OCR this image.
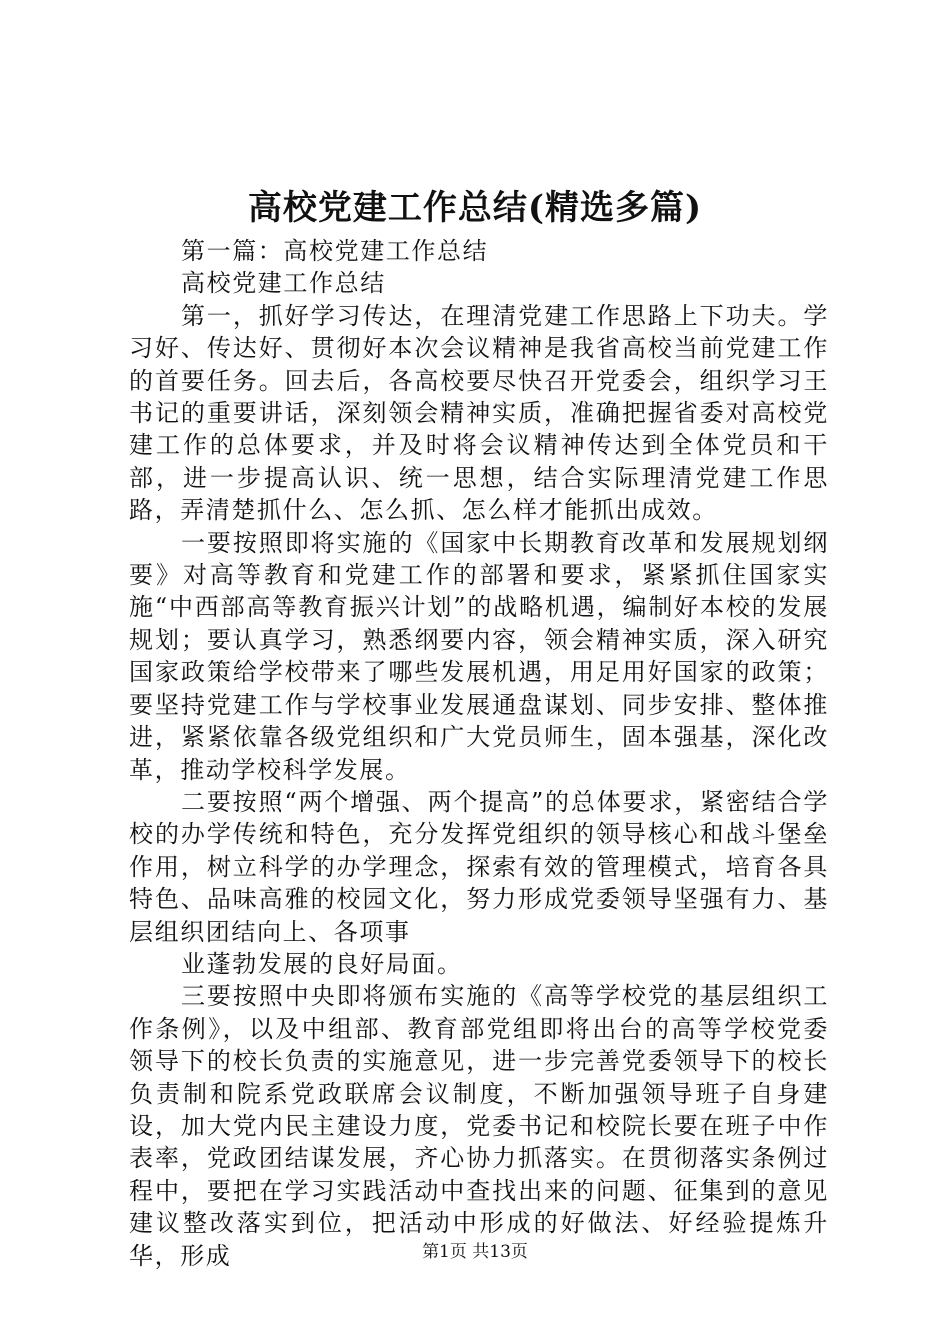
高校党建工作总结(精选多篇)

第一篇：高校党建工作总结

高校党建工作总结

第一，抓好学习传达，在理清党建工作思路上下功夫。学习好、传达好、贯彻好本次会议精神是我省高校当前党建工作的首要任务。回去后，各高校要尽快召开党委会，组织学习王书记的重要讲话，深刻领会精神实质，准确把握省委对高校党建工作的总体要求，并及时将会议精神传达到全体党员和干部，进一步提高认识、统一思想，结合实际理清党建工作思路，弄清楚抓什么、怎么抓、怎么样才能抓出成效。

一要按照即将实施的《国家中长期教育改革和发展规划纲要》对高等教育和党建工作的部署和要求，紧紧抓住国家实施“中西部高等教育振兴计划”的战略机遇，编制好本校的发展规划；要认真学习，熟悉纲要内容，领会精神实质，深入研究国家政策给学校带来了哪些发展机遇，用足用好国家的政策；要坚持党建工作与学校事业发展通盘谋划、同步安排、整体推进，紧紧依靠各级党组织和广大党员师生，固本强基，深化改革，推动学校科学发展。

二要按照“两个增强、两个提高”的总体要求，紧密结合学校的办学传统和特色，充分发挥党组织的领导核心和战斗堡垒作用，树立科学的办学理念，探索有效的管理模式，培育各具特色、品味高雅的校园文化，努力形成党委领导坚强有力、基层组织团结向上、各项事

业蓬勃发展的良好局面。

三要按照中央即将颁布实施的《高等学校党的基层组织工作条例》，以及中组部、教育部党组即将出台的高等学校党委领导下的校长负责的实施意见，进一步完善党委领导下的校长负责制和院系党政联席会议制度，不断加强领导班子自身建设，加大党内民主建设力度，党委书记和校院长要在班子中作表率，党政团结谋发展，齐心协力抓落实。在贯彻落实条例过程中，要把在学习实践活动中查找出来的问题、征集到的意见建议整改落实到位，把活动中形成的好做法、好经验提炼升华，形成	第1页 共13页
